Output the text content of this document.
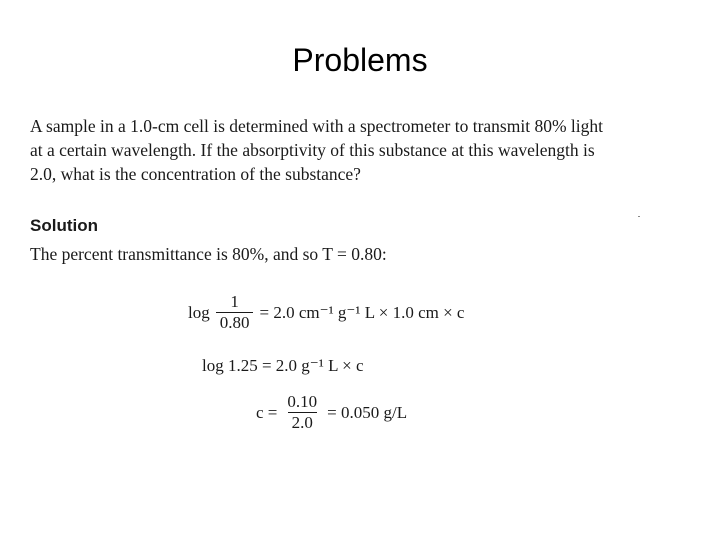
Problems
A sample in a 1.0-cm cell is determined with a spectrometer to transmit 80% light
at a certain wavelength. If the absorptivity of this substance at this wavelength is
2.0, what is the concentration of the substance?
Solution
The percent transmittance is 80%, and so T = 0.80:
$\log \frac{1}{0.80} = 2.0$ cm⁻¹ g⁻¹ L × 1.0 cm × c
log 1.25 = 2.0 g⁻¹ L × c
$c = \frac{0.10}{2.0} = 0.050$ g/L
